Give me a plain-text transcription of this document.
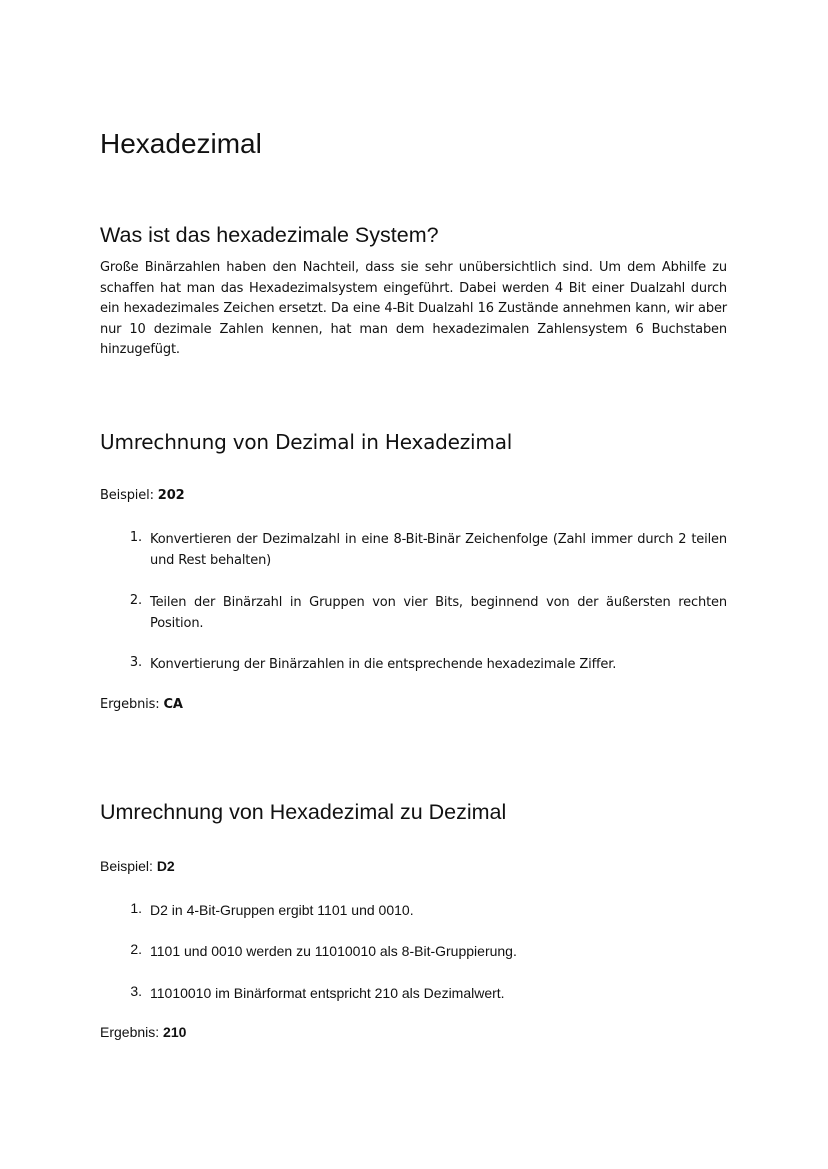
Hexadezimal
Was ist das hexadezimale System?

Große Binärzahlen haben den Nachteil, dass sie sehr unübersichtlich sind. Um dem Abhilfe zu schaffen hat man das Hexadezimalsystem eingeführt. Dabei werden 4 Bit einer Dualzahl durch ein hexadezimales Zeichen ersetzt. Da eine 4-Bit Dualzahl 16 Zustände annehmen kann, wir aber nur 10 dezimale Zahlen kennen, hat man dem hexadezimalen Zahlensystem 6 Buchstaben hinzugefügt.

Umrechnung von Dezimal in Hexadezimal

Beispiel: 202

1. Konvertieren der Dezimalzahl in eine 8-Bit-Binär Zeichenfolge (Zahl immer durch 2 teilen und Rest behalten)

2. Teilen der Binärzahl in Gruppen von vier Bits, beginnend von der äußersten rechten Position.

3. Konvertierung der Binärzahlen in die entsprechende hexadezimale Ziffer.

Ergebnis: CA

Umrechnung von Hexadezimal zu Dezimal

Beispiel: D2

1. D2 in 4-Bit-Gruppen ergibt 1101 und 0010.

2. 1101 und 0010 werden zu 11010010 als 8-Bit-Gruppierung.

3. 11010010 im Binärformat entspricht 210 als Dezimalwert.

Ergebnis: 210
